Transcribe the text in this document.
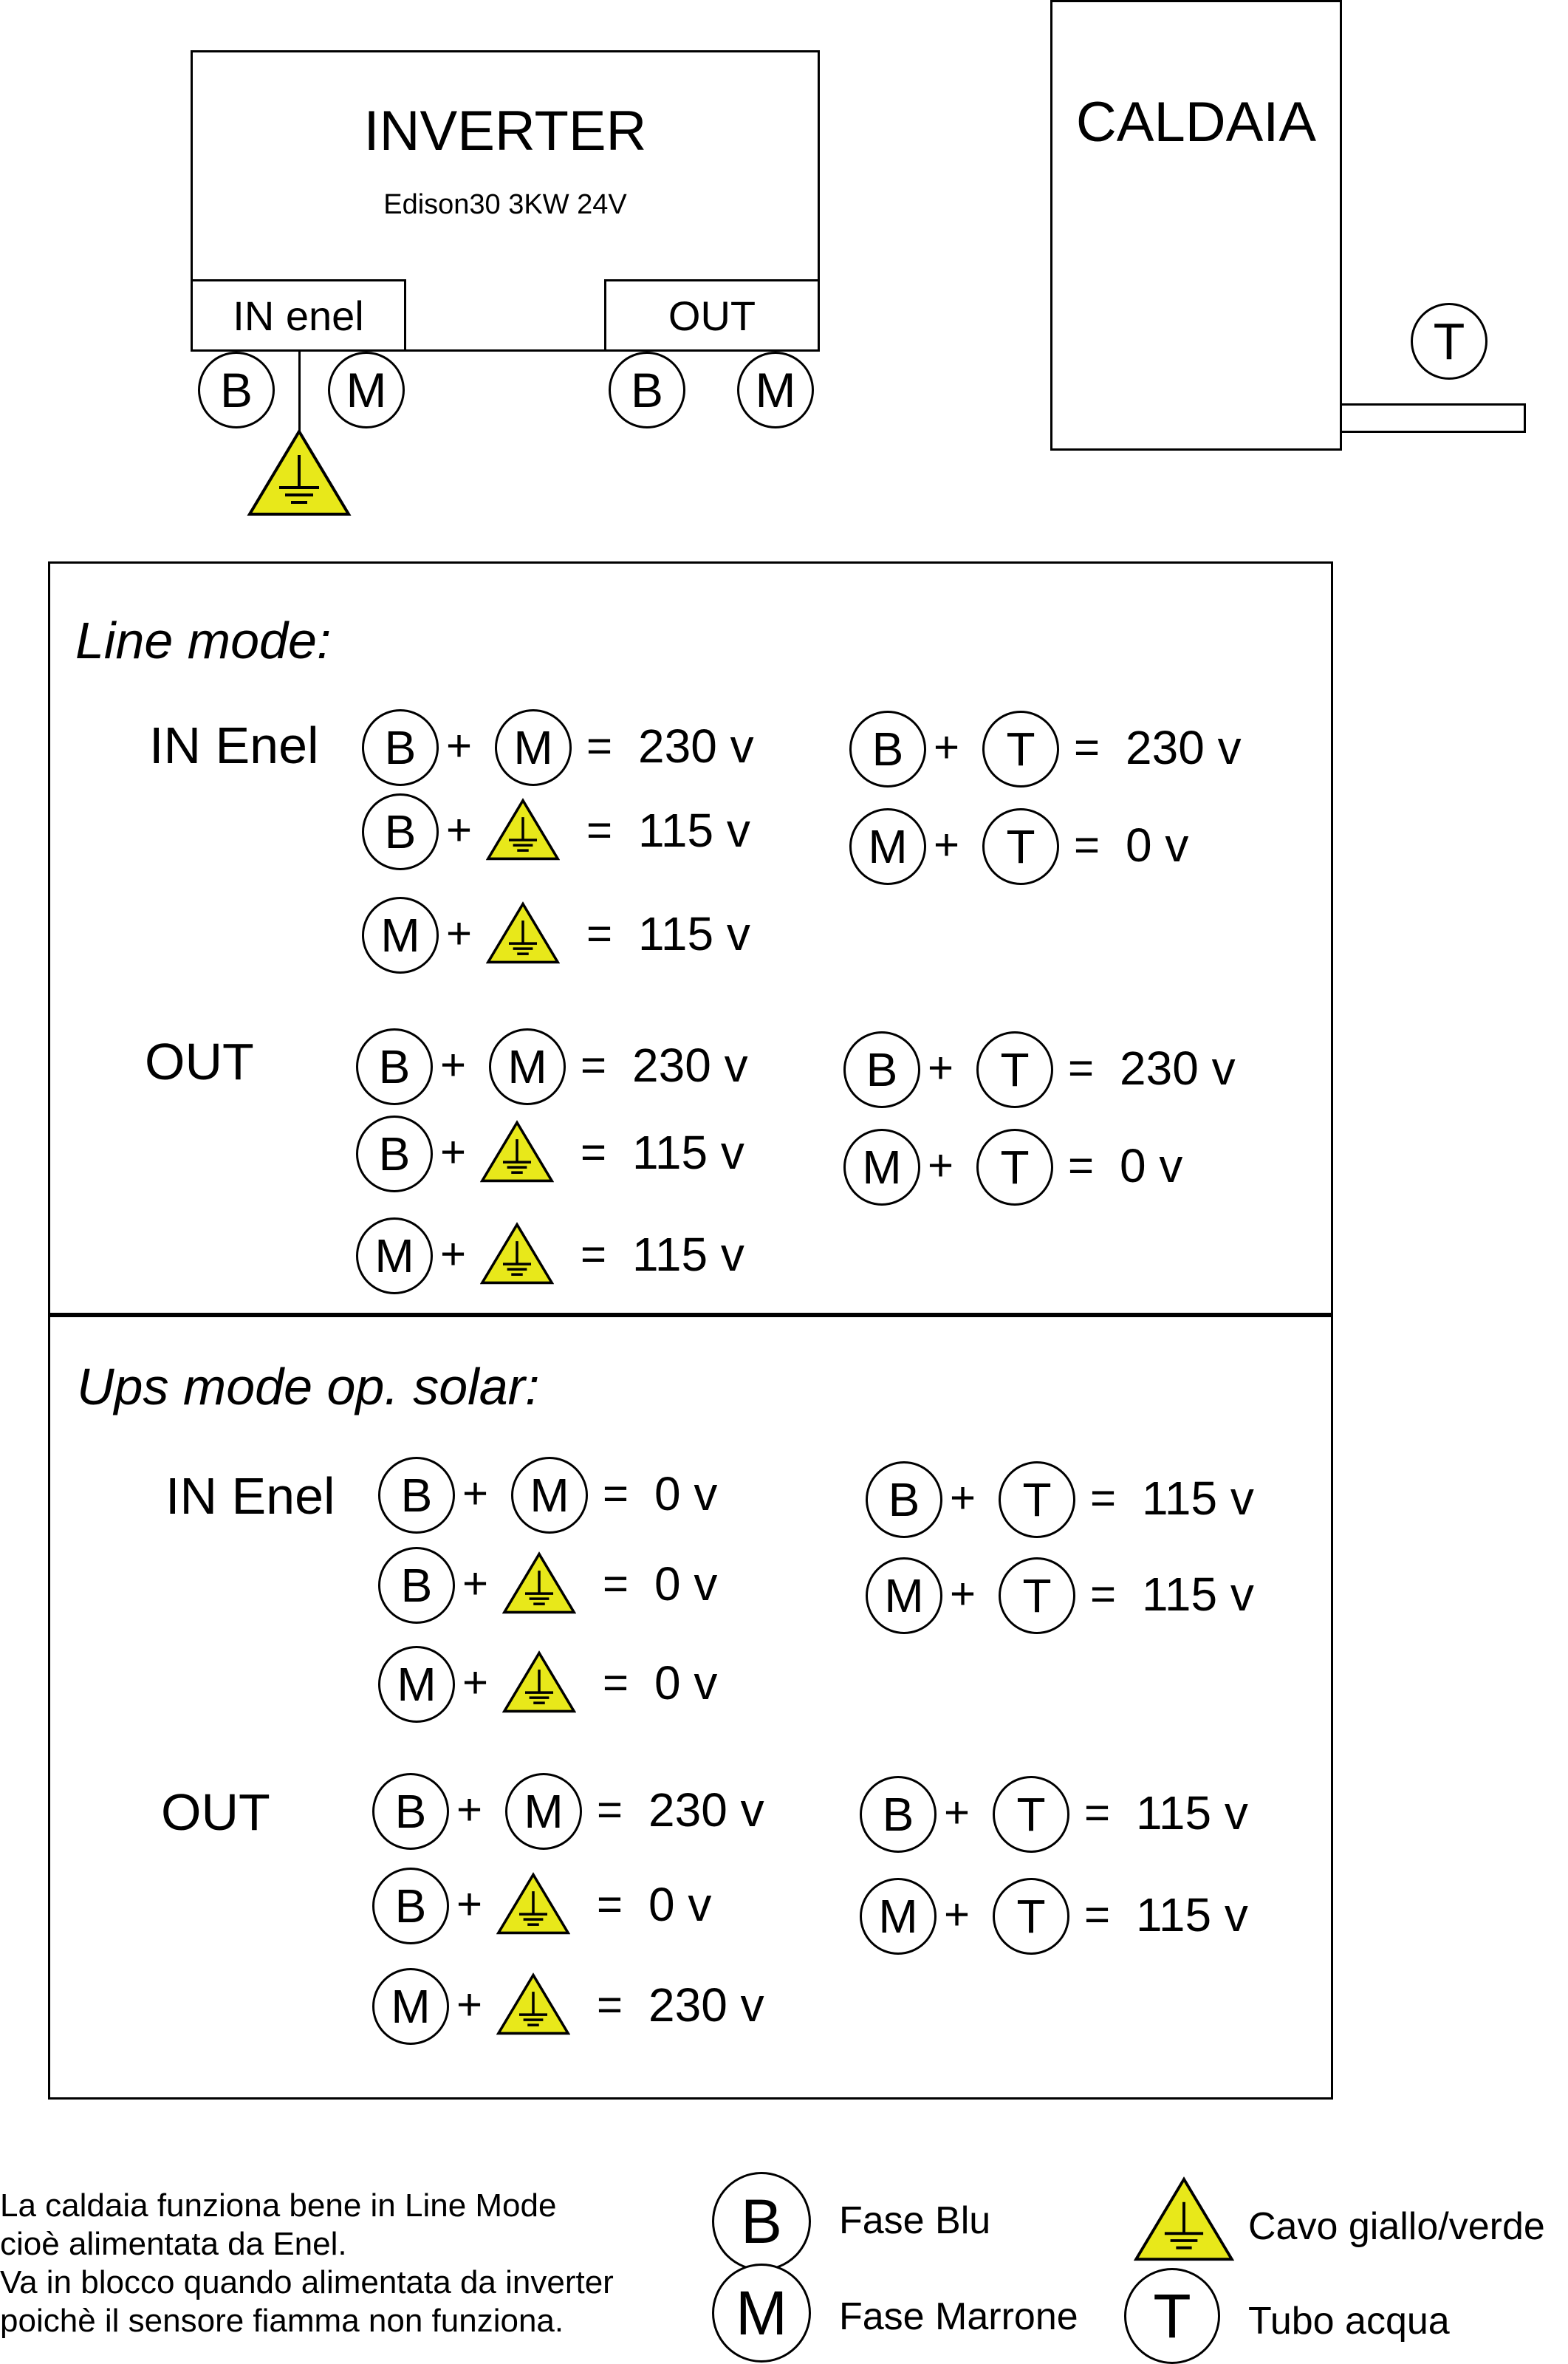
INVERTER
Edison30 3KW 24V
IN enel	OUT
B	M	B	M
CALDAIA
T
Line mode:
IN Enel
OUT
B + M = 230 v
B +	= 115 v
M +	= 115 v
B + T = 230 v
M + T = 0 v
B + M = 230 v
B +	= 115 v
M +	= 115 v
B + T = 230 v
M + T = 0 v
Ups mode op. solar:
IN Enel
OUT
B + M = 0 v
B +	= 0 v
M +	= 0 v
B + T = 115 v
M + T = 115 v
B + M = 230 v
B +	= 0 v
M +	= 230 v
B + T = 115 v
M + T = 115 v
La caldaia funziona bene in Line Mode
cioè alimentata da Enel.
Va in blocco quando alimentata da inverter
poichè il sensore fiamma non funziona.
B	Fase Blu
M	Fase Marrone
Cavo giallo/verde
T	Tubo acqua
